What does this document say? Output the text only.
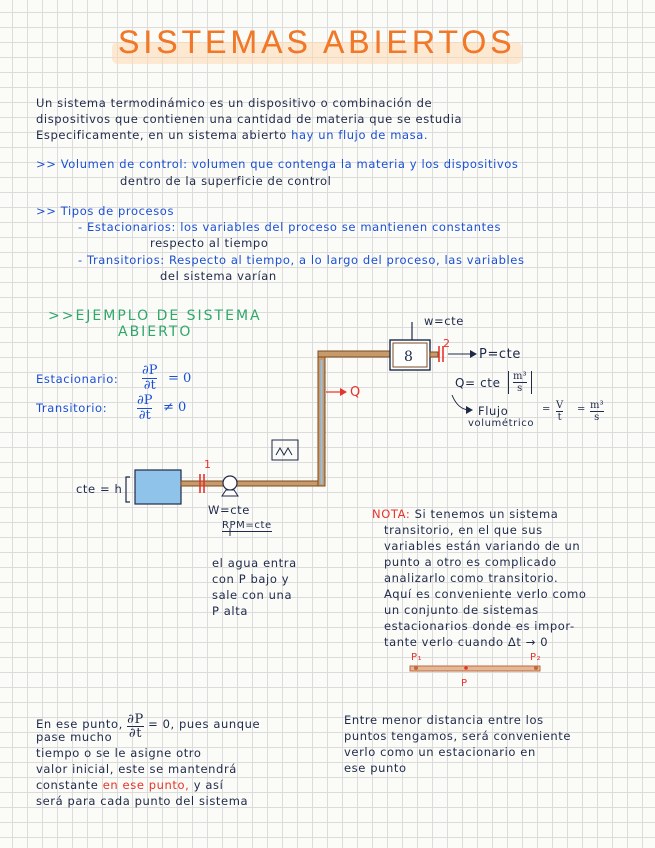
SISTEMAS ABIERTOS
Un sistema termodinámico es un dispositivo o combinación de
dispositivos que contienen una cantidad de materia que se estudia
Especificamente, en un sistema abierto hay un flujo de masa.
>> Volumen de control: volumen que contenga la materia y los dispositivos
dentro de la superficie de control
>> Tipos de procesos
- Estacionarios: los variables del proceso se mantienen constantes
respecto al tiempo
- Transitorios: Respecto al tiempo, a lo largo del proceso, las variables
del sistema varían
>>EJEMPLO DE SISTEMA
ABIERTO
Estacionario:
∂P
∂t = 0
Transitorio: ∂P
∂t
≠ 0
8
w=cte
2
P=cte
Q= cte m³
s
Flujo
volumétrico
= V
t
= m³
s
Q
1
cte = h
W=cte
RPM=cte
el agua entra
con P bajo y
sale con una
P alta
NOTA: Si tenemos un sistema
transitorio, en el que sus
variables están variando de un
punto a otro es complicado
analizarlo como transitorio.
Aquí es conveniente verlo como
un conjunto de sistemas
estacionarios donde es impor-
tante verlo cuando Δt → 0
P₁	P₂
P
En ese punto, $\frac{\partial P}{\partial t} = 0$, pues aunque
pase mucho
tiempo o se le asigne otro
valor inicial, este se mantendrá
constante en ese punto, y así
será para cada punto del sistema
Entre menor distancia entre los
puntos tengamos, será conveniente
verlo como un estacionario en
ese punto
